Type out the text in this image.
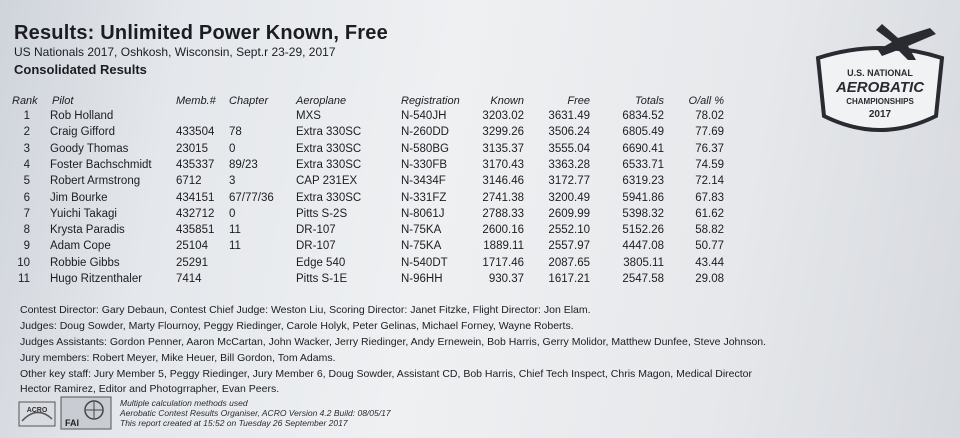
Results: Unlimited Power Known, Free
US Nationals 2017, Oshkosh, Wisconsin, Sept.r 23-29, 2017
Consolidated Results	U.S. NATIONAL
AEROBATIC
CHAMPIONSHIPS
2017
Rank Pilot	Memb.# Chapter	Aeroplane	Registration	Known	Free	Totals	O/all %
1 Rob Holland	MXS	N-540JH	3203.02	3631.49	6834.52	78.02
2 Craig Gifford	433504 78	Extra 330SC	N-260DD	3299.26	3506.24	6805.49	77.69
3 Goody Thomas	23015 0	Extra 330SC	N-580BG	3135.37	3555.04	6690.41	76.37
4 Foster Bachschmidt 435337 89/23	Extra 330SC	N-330FB	3170.43	3363.28	6533.71	74.59
5 Robert Armstrong	6712 3	CAP 231EX	N-3434F	3146.46	3172.77	6319.23	72.14
6 Jim Bourke	434151 67/77/36 Extra 330SC	N-331FZ	2741.38	3200.49	5941.86	67.83
7 Yuichi Takagi	432712 0	Pitts S-2S	N-8061J	2788.33	2609.99	5398.32	61.62
8 Krysta Paradis	435851 11	DR-107	N-75KA	2600.16	2552.10	5152.26	58.82
9 Adam Cope	25104 11	DR-107	N-75KA	1889.11	2557.97	4447.08	50.77
10 Robbie Gibbs	25291	Edge 540	N-540DT	1717.46	2087.65	3805.11	43.44
11 Hugo Ritzenthaler	7414	Pitts S-1E	N-96HH	930.37	1617.21	2547.58	29.08
Contest Director: Gary Debaun, Contest Chief Judge: Weston Liu, Scoring Director: Janet Fitzke, Flight Director: Jon Elam.
Judges: Doug Sowder, Marty Flournoy, Peggy Riedinger, Carole Holyk, Peter Gelinas, Michael Forney, Wayne Roberts.
Judges Assistants: Gordon Penner, Aaron McCartan, John Wacker, Jerry Riedinger, Andy Ernewein, Bob Harris, Gerry Molidor, Matthew Dunfee, Steve Johnson.
Jury members: Robert Meyer, Mike Heuer, Bill Gordon, Tom Adams.
Other key staff: Jury Member 5, Peggy Riedinger, Jury Member 6, Doug Sowder, Assistant CD, Bob Harris, Chief Tech Inspect, Chris Magon, Medical Director
Hector Ramirez, Editor and Photogrrapher, Evan Peers.
ACRO
FAI
Multiple calculation methods used
Aerobatic Contest Results Organiser, ACRO Version 4.2 Build: 08/05/17
This report created at 15:52 on Tuesday 26 September 2017
